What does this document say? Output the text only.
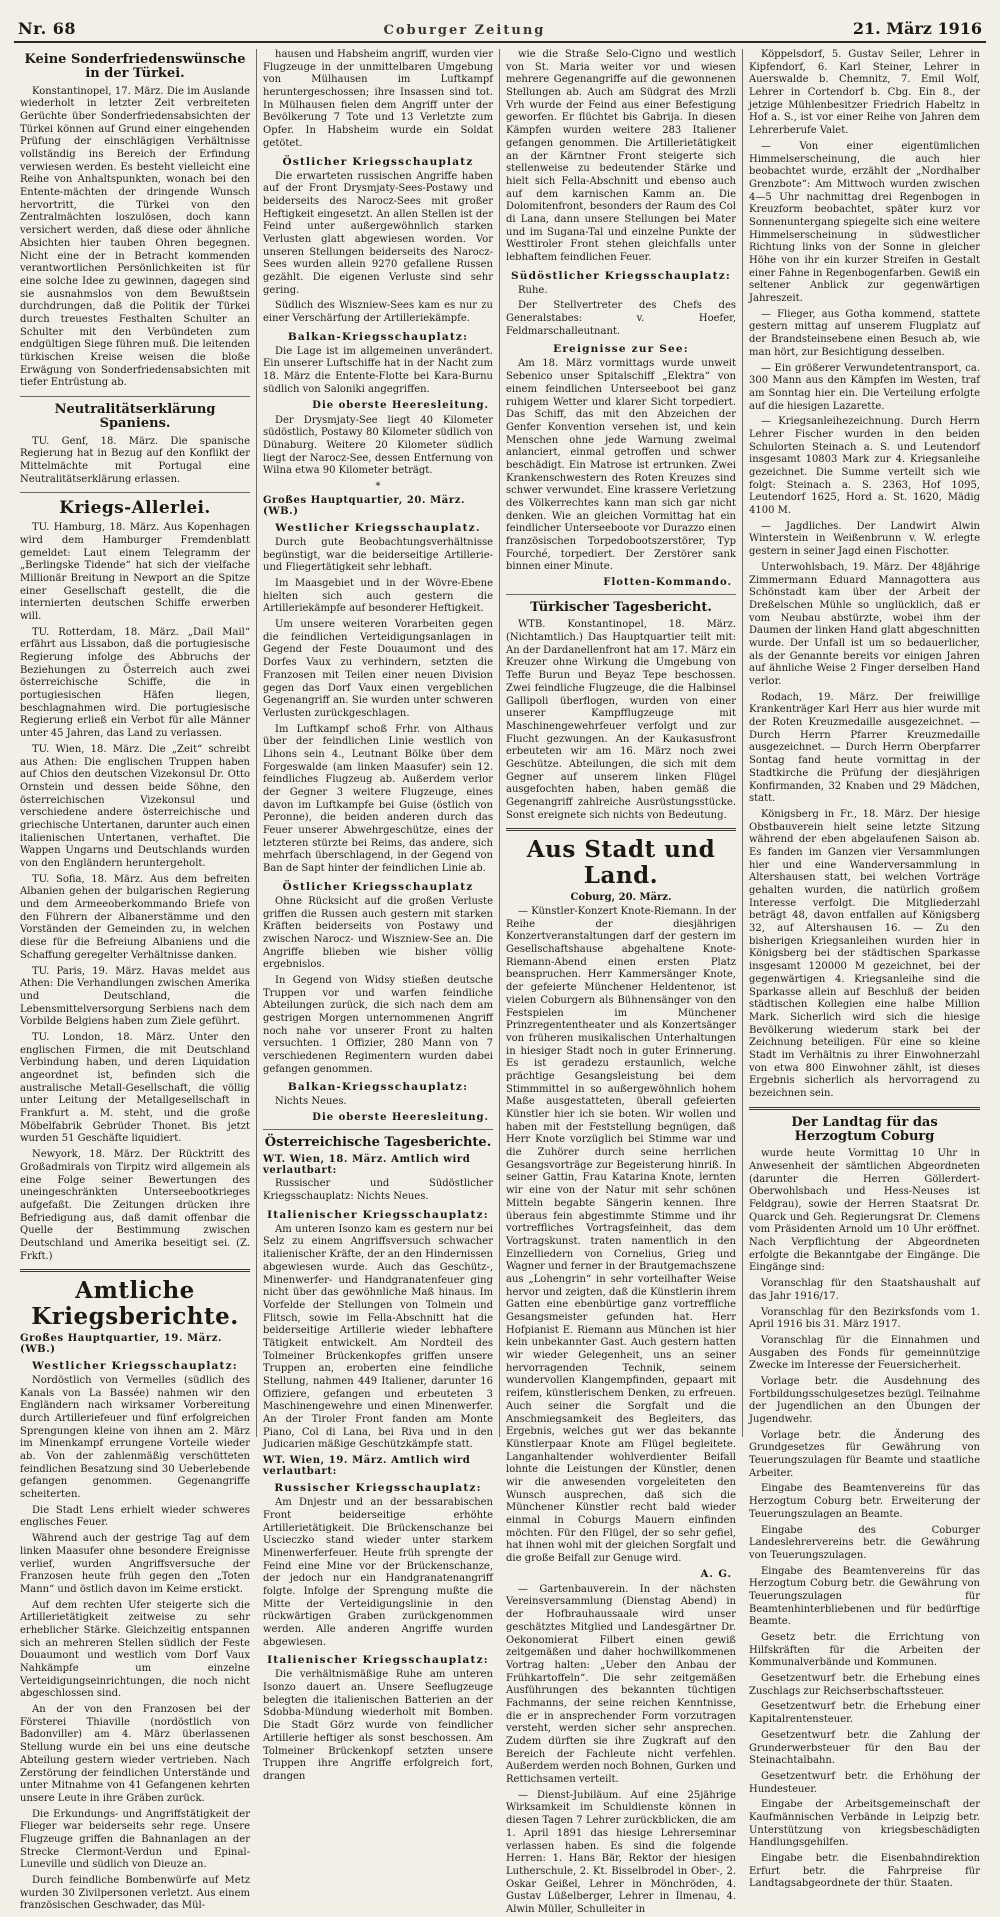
Nr. 68	Coburger Zeitung	21. März 1916
Keine Sonderfriedenswünsche in der Türkei.

Konstantinopel, 17. März. Die im Auslande wiederholt in letzter Zeit verbreiteten Gerüchte über Sonderfriedensabsichten der Türkei können auf Grund einer eingehenden Prüfung der einschlägigen Verhältnisse vollständig ins Bereich der Erfindung verwiesen werden. Es besteht vielleicht eine Reihe von Anhaltspunkten, wonach bei den Entente-mächten der dringende Wunsch hervortritt, die Türkei von den Zentralmächten loszulösen, doch kann versichert werden, daß diese oder ähnliche Absichten hier tauben Ohren begegnen. Nicht eine der in Betracht kommenden verantwortlichen Persönlichkeiten ist für eine solche Idee zu gewinnen, dagegen sind sie ausnahmslos von dem Bewußtsein durchdrungen, daß die Politik der Türkei durch treuestes Festhalten Schulter an Schulter mit den Verbündeten zum endgültigen Siege führen muß. Die leitenden türkischen Kreise weisen die bloße Erwägung von Sonderfriedensabsichten mit tiefer Entrüstung ab.

Neutralitätserklärung Spaniens.

TU. Genf, 18. März. Die spanische Regierung hat in Bezug auf den Konflikt der Mittelmächte mit Portugal eine Neutralitätserklärung erlassen.

Kriegs-Allerlei.

TU. Hamburg, 18. März. Aus Kopenhagen wird dem Hamburger Fremdenblatt gemeldet: Laut einem Telegramm der „Berlingske Tidende“ hat sich der vielfache Millionär Breitung in Newport an die Spitze einer Gesellschaft gestellt, die die internierten deutschen Schiffe erwerben will.

TU. Rotterdam, 18. März. „Dail Mail“ erfährt aus Lissabon, daß die portugiesische Regierung infolge des Abbruchs der Beziehungen zu Österreich auch zwei österreichische Schiffe, die in portugiesischen Häfen liegen, beschlagnahmen wird. Die portugiesische Regierung erließ ein Verbot für alle Männer unter 45 Jahren, das Land zu verlassen.

TU. Wien, 18. März. Die „Zeit“ schreibt aus Athen: Die englischen Truppen haben auf Chios den deutschen Vizekonsul Dr. Otto Ornstein und dessen beide Söhne, den österreichischen Vizekonsul und verschiedene andere österreichische und griechische Untertanen, darunter auch einen italienischen Untertanen, verhaftet. Die Wappen Ungarns und Deutschlands wurden von den Engländern heruntergeholt.

TU. Sofia, 18. März. Aus dem befreiten Albanien gehen der bulgarischen Regierung und dem Armeeoberkommando Briefe von den Führern der Albanerstämme und den Vorständen der Gemeinden zu, in welchen diese für die Befreiung Albaniens und die Schaffung geregelter Verhältnisse danken.

TU. Paris, 19. März. Havas meldet aus Athen: Die Verhandlungen zwischen Amerika und Deutschland, die Lebensmittelversorgung Serbiens nach dem Vorbilde Belgiens haben zum Ziele geführt.

TU. London, 18. März. Unter den englischen Firmen, die mit Deutschland Verbindung haben, und deren Liquidation angeordnet ist, befinden sich die australische Metall-Gesellschaft, die völlig unter Leitung der Metallgesellschaft in Frankfurt a. M. steht, und die große Möbelfabrik Gebrüder Thonet. Bis jetzt wurden 51 Geschäfte liquidiert.

Newyork, 18. März. Der Rücktritt des Großadmirals von Tirpitz wird allgemein als eine Folge seiner Bewertungen des uneingeschränkten Unterseebootkrieges aufgefaßt. Die Zeitungen drücken ihre Befriedigung aus, daß damit offenbar die Quelle der Bestimmung zwischen Deutschland und Amerika beseitigt sei. (Z. Frkft.)

Amtliche Kriegsberichte.
Großes Hauptquartier, 19. März. (WB.)
Westlicher Kriegsschauplatz:

Nordöstlich von Vermelles (südlich des Kanals von La Bassée) nahmen wir den Engländern nach wirksamer Vorbereitung durch Artilleriefeuer und fünf erfolgreichen Sprengungen kleine von ihnen am 2. März im Minenkampf errungene Vorteile wieder ab. Von der zahlenmäßig verschütteten feindlichen Besatzung sind 30 Ueberlebende gefangen genommen. Gegenangriffe scheiterten.

Die Stadt Lens erhielt wieder schweres englisches Feuer.

Während auch der gestrige Tag auf dem linken Maasufer ohne besondere Ereignisse verlief, wurden Angriffsversuche der Franzosen heute früh gegen den „Toten Mann“ und östlich davon im Keime erstickt.

Auf dem rechten Ufer steigerte sich die Artillerietätigkeit zeitweise zu sehr erheblicher Stärke. Gleichzeitig entspannen sich an mehreren Stellen südlich der Feste Douaumont und westlich vom Dorf Vaux Nahkämpfe um einzelne Verteidigungseinrichtungen, die noch nicht abgeschlossen sind.

An der von den Franzosen bei der Försterei Thiaville (nordöstlich von Badonviller) am 4. März überlassenen Stellung wurde ein bei uns eine deutsche Abteilung gestern wieder vertrieben. Nach Zerstörung der feindlichen Unterstände und unter Mitnahme von 41 Gefangenen kehrten unsere Leute in ihre Gräben zurück.

Die Erkundungs- und Angriffstätigkeit der Flieger war beiderseits sehr rege. Unsere Flugzeuge griffen die Bahnanlagen an der Strecke Clermont-Verdun und Epinal-Luneville und südlich von Dieuze an.

Durch feindliche Bombenwürfe auf Metz wurden 30 Zivilpersonen verletzt. Aus einem französischen Geschwader, das Mül-

hausen und Habsheim angriff, wurden vier Flugzeuge in der unmittelbaren Umgebung von Mülhausen im Luftkampf heruntergeschossen; ihre Insassen sind tot. In Mülhausen fielen dem Angriff unter der Bevölkerung 7 Tote und 13 Verletzte zum Opfer. In Habsheim wurde ein Soldat getötet.

Östlicher Kriegsschauplatz

Die erwarteten russischen Angriffe haben auf der Front Drysmjaty-Sees-Postawy und beiderseits des Narocz-Sees mit großer Heftigkeit eingesetzt. An allen Stellen ist der Feind unter außergewöhnlich starken Verlusten glatt abgewiesen worden. Vor unseren Stellungen beiderseits des Narocz-Sees wurden allein 9270 gefallene Russen gezählt. Die eigenen Verluste sind sehr gering.

Südlich des Wiszniew-Sees kam es nur zu einer Verschärfung der Artilleriekämpfe.

Balkan-Kriegsschauplatz:

Die Lage ist im allgemeinen unverändert. Ein unserer Luftschiffe hat in der Nacht zum 18. März die Entente-Flotte bei Kara-Burnu südlich von Saloniki angegriffen.

Die oberste Heeresleitung.

Der Drysmjaty-See liegt 40 Kilometer südöstlich, Postawy 80 Kilometer südlich von Dünaburg. Weitere 20 Kilometer südlich liegt der Narocz-See, dessen Entfernung von Wilna etwa 90 Kilometer beträgt.

*
Großes Hauptquartier, 20. März. (WB.)
Westlicher Kriegsschauplatz.

Durch gute Beobachtungsverhältnisse begünstigt, war die beiderseitige Artillerie- und Fliegertätigkeit sehr lebhaft.

Im Maasgebiet und in der Wövre-Ebene hielten sich auch gestern die Artilleriekämpfe auf besonderer Heftigkeit.

Um unsere weiteren Vorarbeiten gegen die feindlichen Verteidigungsanlagen in Gegend der Feste Douaumont und des Dorfes Vaux zu verhindern, setzten die Franzosen mit Teilen einer neuen Division gegen das Dorf Vaux einen vergeblichen Gegenangriff an. Sie wurden unter schweren Verlusten zurückgeschlagen.

Im Luftkampf schoß Frhr. von Althaus über der feindlichen Linie westlich von Lihons sein 4., Leutnant Bölke über dem Forgeswalde (am linken Maasufer) sein 12. feindliches Flugzeug ab. Außerdem verlor der Gegner 3 weitere Flugzeuge, eines davon im Luftkampfe bei Guise (östlich von Peronne), die beiden anderen durch das Feuer unserer Abwehrgeschütze, eines der letzteren stürzte bei Reims, das andere, sich mehrfach überschlagend, in der Gegend von Ban de Sapt hinter der feindlichen Linie ab.

Östlicher Kriegsschauplatz

Ohne Rücksicht auf die großen Verluste griffen die Russen auch gestern mit starken Kräften beiderseits von Postawy und zwischen Narocz- und Wiszniew-See an. Die Angriffe blieben wie bisher völlig ergebnislos.

In Gegend von Widsy stießen deutsche Truppen vor und warfen feindliche Abteilungen zurück, die sich nach dem am gestrigen Morgen unternommenen Angriff noch nahe vor unserer Front zu halten versuchten. 1 Offizier, 280 Mann von 7 verschiedenen Regimentern wurden dabei gefangen genommen.

Balkan-Kriegsschauplatz:

Nichts Neues.

Die oberste Heeresleitung.
Österreichische Tagesberichte.
WT. Wien, 18. März. Amtlich wird verlautbart:

Russischer und Südöstlicher Kriegsschauplatz: Nichts Neues.

Italienischer Kriegsschauplatz:

Am unteren Isonzo kam es gestern nur bei Selz zu einem Angriffsversuch schwacher italienischer Kräfte, der an den Hindernissen abgewiesen wurde. Auch das Geschütz-, Minenwerfer- und Handgranatenfeuer ging nicht über das gewöhnliche Maß hinaus. Im Vorfelde der Stellungen von Tolmein und Flitsch, sowie im Fella-Abschnitt hat die beiderseitige Artillerie wieder lebhaftere Tätigkeit entwickelt. Am Nordteil des Tolmeiner Brückenkopfes griffen unsere Truppen an, eroberten eine feindliche Stellung, nahmen 449 Italiener, darunter 16 Offiziere, gefangen und erbeuteten 3 Maschinengewehre und einen Minenwerfer. An der Tiroler Front fanden am Monte Piano, Col di Lana, bei Riva und in den Judicarien mäßige Geschützkämpfe statt.

WT. Wien, 19. März. Amtlich wird verlautbart:
Russischer Kriegsschauplatz:

Am Dnjestr und an der bessarabischen Front beiderseitige erhöhte Artillerietätigkeit. Die Brückenschanze bei Uscieczko stand wieder unter starkem Minenwerferfeuer. Heute früh sprengte der Feind eine Mine vor der Brückenschanze, der jedoch nur ein Handgranatenangriff folgte. Infolge der Sprengung mußte die Mitte der Verteidigungslinie in den rückwärtigen Graben zurückgenommen werden. Alle anderen Angriffe wurden abgewiesen.

Italienischer Kriegsschauplatz:

Die verhältnismäßige Ruhe am unteren Isonzo dauert an. Unsere Seeflugzeuge belegten die italienischen Batterien an der Sdobba-Mündung wiederholt mit Bomben. Die Stadt Görz wurde von feindlicher Artillerie heftiger als sonst beschossen. Am Tolmeiner Brückenkopf setzten unsere Truppen ihre Angriffe erfolgreich fort, drangen

wie die Straße Selo-Cigno und westlich von St. Maria weiter vor und wiesen mehrere Gegenangriffe auf die gewonnenen Stellungen ab. Auch am Südgrat des Mrzli Vrh wurde der Feind aus einer Befestigung geworfen. Er flüchtet bis Gabrija. In diesen Kämpfen wurden weitere 283 Italiener gefangen genommen. Die Artillerietätigkeit an der Kärntner Front steigerte sich stellenweise zu bedeutender Stärke und hielt sich Fella-Abschnitt und ebenso auch auf dem karnischen Kamm an. Die Dolomitenfront, besonders der Raum des Col di Lana, dann unsere Stellungen bei Mater und im Sugana-Tal und einzelne Punkte der Westtiroler Front stehen gleichfalls unter lebhaftem feindlichen Feuer.

Südöstlicher Kriegsschauplatz:

Ruhe.

Der Stellvertreter des Chefs des Generalstabes: v. Hoefer, Feldmarschalleutnant.

Ereignisse zur See:

Am 18. März vormittags wurde unweit Sebenico unser Spitalschiff „Elektra“ von einem feindlichen Unterseeboot bei ganz ruhigem Wetter und klarer Sicht torpediert. Das Schiff, das mit den Abzeichen der Genfer Konvention versehen ist, und kein Menschen ohne jede Warnung zweimal anlanciert, einmal getroffen und schwer beschädigt. Ein Matrose ist ertrunken. Zwei Krankenschwestern des Roten Kreuzes sind schwer verwundet. Eine krassere Verletzung des Völkerrechtes kann man sich gar nicht denken. Wie an gleichen Vormittag hat ein feindlicher Unterseeboote vor Durazzo einen französischen Torpedobootszerstörer, Typ Fourché, torpediert. Der Zerstörer sank binnen einer Minute.

Flotten-Kommando.
Türkischer Tagesbericht.

WTB. Konstantinopel, 18. März. (Nichtamtlich.) Das Hauptquartier teilt mit: An der Dardanellenfront hat am 17. März ein Kreuzer ohne Wirkung die Umgebung von Teffe Burun und Beyaz Tepe beschossen. Zwei feindliche Flugzeuge, die die Halbinsel Gallipoli überflogen, wurden von einer unserer Kampfflugzeuge mit Maschinengewehrfeuer verfolgt und zur Flucht gezwungen. An der Kaukasusfront erbeuteten wir am 16. März noch zwei Geschütze. Abteilungen, die sich mit dem Gegner auf unserem linken Flügel ausgefochten haben, haben gemäß die Gegenangriff zahlreiche Ausrüstungsstücke. Sonst ereignete sich nichts von Bedeutung.

Aus Stadt und Land.
Coburg, 20. März.

— Künstler-Konzert Knote-Riemann. In der Reihe der diesjährigen Konzertveranstaltungen darf der gestern im Gesellschaftshause abgehaltene Knote-Riemann-Abend einen ersten Platz beanspruchen. Herr Kammersänger Knote, der gefeierte Münchener Heldentenor, ist vielen Coburgern als Bühnensänger von den Festspielen im Münchener Prinzregententheater und als Konzertsänger von früheren musikalischen Unterhaltungen in hiesiger Stadt noch in guter Erinnerung. Es ist geradezu erstaunlich, welche prächtige Gesangsleistung bei dem Stimmmittel in so außergewöhnlich hohem Maße ausgestatteten, überall gefeierten Künstler hier ich sie boten. Wir wollen und haben mit der Feststellung begnügen, daß Herr Knote vorzüglich bei Stimme war und die Zuhörer durch seine herrlichen Gesangsvorträge zur Begeisterung hinriß. In seiner Gattin, Frau Katarina Knote, lernten wir eine von der Natur mit sehr schönen Mitteln begabte Sängerin kennen. Ihre überaus fein abgestimmte Stimme und ihr vortreffliches Vortragsfeinheit, das dem Vortragskunst. traten namentlich in den Einzelliedern von Cornelius, Grieg und Wagner und ferner in der Brautgemachszene aus „Lohengrin“ in sehr vorteilhafter Weise hervor und zeigten, daß die Künstlerin ihrem Gatten eine ebenbürtige ganz vortreffliche Gesangsmeister gefunden hat. Herr Hofpianist E. Riemann aus München ist hier kein unbekannter Gast. Auch gestern hatten wir wieder Gelegenheit, uns an seiner hervorragenden Technik, seinem wundervollen Klangempfinden, gepaart mit reifem, künstlerischem Denken, zu erfreuen. Auch seiner die Sorgfalt und die Anschmiegsamkeit des Begleiters, das Ergebnis, welches gut wer das bekannte Künstlerpaar Knote am Flügel begleitete. Langanhaltender wohlverdienter Beifall lohnte die Leistungen der Künstler, denen wir die anwesenden vorgeleiteten den Wunsch ausprechen, daß sich die Münchener Künstler recht bald wieder einmal in Coburgs Mauern einfinden möchten. Für den Flügel, der so sehr gefiel, hat ihnen wohl mit der gleichen Sorgfalt und die große Beifall zur Genuge wird.

A. G.

— Gartenbauverein. In der nächsten Vereinsversammlung (Dienstag Abend) in der Hofbrauhaussaale wird unser geschätztes Mitglied und Landesgärtner Dr. Oekonomierat Filbert einen gewiß zeitgemäßen und daher hochwillkommenen Vortrag halten: „Ueber den Anbau der Frühkartoffeln“. Die sehr zeitgemäßen Ausführungen des bekannten tüchtigen Fachmanns, der seine reichen Kenntnisse, die er in ansprechender Form vorzutragen versteht, werden sicher sehr ansprechen. Zudem dürften sie ihre Zugkraft auf den Bereich der Fachleute nicht verfehlen. Außerdem werden noch Bohnen, Gurken und Rettichsamen verteilt.

— Dienst-Jubiläum. Auf eine 25jährige Wirksamkeit im Schuldienste können in diesen Tagen 7 Lehrer zurückblicken, die am 1. April 1891 das hiesige Lehrerseminar verlassen haben. Es sind die folgende Herren: 1. Hans Bär, Rektor der hiesigen Lutherschule, 2. Kt. Bisselbrodel in Ober-, 2. Oskar Geißel, Lehrer in Mönchröden, 4. Gustav Lüßelberger, Lehrer in Ilmenau, 4. Alwin Müller, Schulleiter in

Köppelsdorf, 5. Gustav Seiler, Lehrer in Kipfendorf, 6. Karl Steiner, Lehrer in Auerswalde b. Chemnitz, 7. Emil Wolf, Lehrer in Cortendorf b. Cbg. Ein 8., der jetzige Mühlenbesitzer Friedrich Habeltz in Hof a. S., ist vor einer Reihe von Jahren dem Lehrerberufe Valet.

— Von einer eigentümlichen Himmelserscheinung, die auch hier beobachtet wurde, erzählt der „Nordhalber Grenzbote“: Am Mittwoch wurden zwischen 4—5 Uhr nachmittag drei Regenbogen in Kreuzform beobachtet, später kurz vor Sonnenuntergang spiegelte sich eine weitere Himmelserscheinung in südwestlicher Richtung links von der Sonne in gleicher Höhe von ihr ein kurzer Streifen in Gestalt einer Fahne in Regenbogenfarben. Gewiß ein seltener Anblick zur gegenwärtigen Jahreszeit.

— Flieger, aus Gotha kommend, stattete gestern mittag auf unserem Flugplatz auf der Brandsteinsebene einen Besuch ab, wie man hört, zur Besichtigung desselben.

— Ein größerer Verwundetentransport, ca. 300 Mann aus den Kämpfen im Westen, traf am Sonntag hier ein. Die Verteilung erfolgte auf die hiesigen Lazarette.

— Kriegsanleihezeichnung. Durch Herrn Lehrer Fischer wurden in den beiden Schulorten Steinach a. S. und Leutendorf insgesamt 10803 Mark zur 4. Kriegsanleihe gezeichnet. Die Summe verteilt sich wie folgt: Steinach a. S. 2363, Hof 1095, Leutendorf 1625, Hord a. St. 1620, Mädig 4100 M.

— Jagdliches. Der Landwirt Alwin Winterstein in Weißenbrunn v. W. erlegte gestern in seiner Jagd einen Fischotter.

Unterwohlsbach, 19. März. Der 48jährige Zimmermann Eduard Mannagottera aus Schönstadt kam über der Arbeit der Dreßelschen Mühle so unglücklich, daß er vom Neubau abstürzte, wobei ihm der Daumen der linken Hand glatt abgeschnitten wurde. Der Unfall ist um so bedauerlicher, als der Genannte bereits vor einigen Jahren auf ähnliche Weise 2 Finger derselben Hand verlor.

Rodach, 19. März. Der freiwillige Krankenträger Karl Herr aus hier wurde mit der Roten Kreuzmedaille ausgezeichnet. — Durch Herrn Pfarrer Kreuzmedaille ausgezeichnet. — Durch Herrn Oberpfarrer Sontag fand heute vormittag in der Stadtkirche die Prüfung der diesjährigen Konfirmanden, 32 Knaben und 29 Mädchen, statt.

Königsberg in Fr., 18. März. Der hiesige Obstbauverein hielt seine letzte Sitzung während der eben abgelaufenen Saison ab. Es fanden im Ganzen vier Versammlungen hier und eine Wanderversammlung in Altershausen statt, bei welchen Vorträge gehalten wurden, die natürlich großem Interesse verfolgt. Die Mitgliederzahl beträgt 48, davon entfallen auf Königsberg 32, auf Altershausen 16. — Zu den bisherigen Kriegsanleihen wurden hier in Königsberg bei der städtischen Sparkasse insgesamt 120000 M gezeichnet, bei der gegenwärtigen 4. Kriegsanleihe sind die Sparkasse allein auf Beschluß der beiden städtischen Kollegien eine halbe Million Mark. Sicherlich wird sich die hiesige Bevölkerung wiederum stark bei der Zeichnung beteiligen. Für eine so kleine Stadt im Verhältnis zu ihrer Einwohnerzahl von etwa 800 Einwohner zählt, ist dieses Ergebnis sicherlich als hervorragend zu bezeichnen sein.

Der Landtag für das Herzogtum Coburg

wurde heute Vormittag 10 Uhr in Anwesenheit der sämtlichen Abgeordneten (darunter die Herren Göllerdert-Oberwohlsbach und Hess-Neuses ist Feldgrau), sowie der Herren Staatsrat Dr. Quarck und Geh. Regierungsrat Dr. Clemens vom Präsidenten Arnold um 10 Uhr eröffnet. Nach Verpflichtung der Abgeordneten erfolgte die Bekanntgabe der Eingänge. Die Eingänge sind:

Voranschlag für den Staatshaushalt auf das Jahr 1916/17.

Voranschlag für den Bezirksfonds vom 1. April 1916 bis 31. März 1917.

Voranschlag für die Einnahmen und Ausgaben des Fonds für gemeinnützige Zwecke im Interesse der Feuersicherheit.

Vorlage betr. die Ausdehnung des Fortbildungsschulgesetzes bezügl. Teilnahme der Jugendlichen an den Übungen der Jugendwehr.

Vorlage betr. die Änderung des Grundgesetzes für Gewährung von Teuerungszulagen für Beamte und staatliche Arbeiter.

Eingabe des Beamtenvereins für das Herzogtum Coburg betr. Erweiterung der Teuerungszulagen an Beamte.

Eingabe des Coburger Landeslehrervereins betr. die Gewährung von Teuerungszulagen.

Eingabe des Beamtenvereins für das Herzogtum Coburg betr. die Gewährung von Teuerungszulagen für Beamtenhinterbliebenen und für bedürftige Beamte.

Gesetz betr. die Errichtung von Hilfskräften für die Arbeiten der Kommunalverbände und Kommunen.

Gesetzentwurf betr. die Erhebung eines Zuschlags zur Reichserbschaftssteuer.

Gesetzentwurf betr. die Erhebung einer Kapitalrentensteuer.

Gesetzentwurf betr. die Zahlung der Grunderwerbsteuer für den Bau der Steinachtalbahn.

Gesetzentwurf betr. die Erhöhung der Hundesteuer.

Eingabe der Arbeitsgemeinschaft der Kaufmännischen Verbände in Leipzig betr. Unterstützung von kriegsbeschädigten Handlungsgehilfen.

Eingabe betr. die Eisenbahndirektion Erfurt betr. die Fahrpreise für Landtagsabgeordnete der thür. Staaten.
